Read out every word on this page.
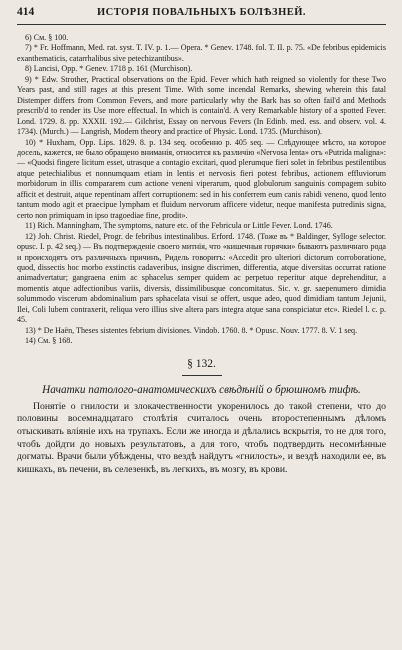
414	ИСТОРІЯ ПОВАЛЬНЫХЪ БОЛѢЗНЕЙ.

6) См. § 100.

7) * Fr. Hoffmann, Med. rat. syst. T. IV. p. 1.— Opera. * Genev. 1748. fol. T. II. p. 75. «De febribus epidemicis exanthematicis, catarrhalibus sive petechizantibus».

8) Lancisi, Opp. * Genev. 1718 p. 161 (Murchison).

9) * Edw. Strother, Practical observations on the Epid. Fever which hath reigned so violently for these Two Years past, and still rages at this present Time. With some incendal Remarks, shewing wherein this fatal Distemper differs from Common Fevers, and more particularly why the Bark has so often fail'd and Methods prescrib'd to render its Use more effectual. In which is contain'd. A very Remarkable history of a spotted Fever. Lond. 1729. 8. pp. XXXII. 192.— Gilchrist, Essay on nervous Fevers (In Edinb. med. ess. and observ. vol. 4. 1734). (Murch.) — Langrish, Modern theory and practice of Physic. Lond. 1735. (Murchison).

10) * Huxham, Opp. Lips. 1829. 8. p. 134 seq. особенно p. 405 seq. — Слѣдующее мѣсто, на которое досель, кажется, не было обращено вниманія, относится къ различію «Nervosa lenta» отъ «Putrida maligna»: — «Quodsi fingere licitum esset, utrasque a contagio excitari, quod plerumque fieri solet in febribus pestilentibus atque petechialibus et nonnumquam etiam in lentis et nervosis fieri potest febribus, actionem effluviorum morbidorum in illis compararem cum actione veneni viperarum, quod globulorum sanguinis compagem subito afficit et destruit, atque repentinam affert corruptionem: sed in his conferrem eum canis rabidi veneno, quod lento tantum modo agit et praecipue lympham et fluidum nervorum afficere videtur, neque manifesta putredinis signa, certo non primiquam in ipso tragoediae fine, prodit».

11) Rich. Manningham, The symptoms, nature etc. of the Febricula or Little Fever. Lond. 1746.

12) Joh. Christ. Riedel, Progr. de febribus intestinalibus. Erford. 1748. (Тоже въ * Baldinger, Sylloge selector. opusc. I. p. 42 seq.) — Въ подтвержденіе своего митнія, что «кишечныя горячки» бываютъ различнаго рода и происходятъ отъ различныхъ причинъ, Ридель говоритъ: «Accedit pro ulteriori dictorum corroboratione, quod, dissectis hoc morbo exstinctis cadaveribus, insigne discrimen, differentia, atque diversitas occurrat ratione animadvertatur; gangraena enim ac sphacelus semper quidem ac perpetuo reperitur atque deprehenditur, a momentis atque adfectionibus variis, diversis, dissimilibusque concomitatus. Sic. v. gr. saepenumero dimidia solummodo viscerum abdominalium pars sphacelata visui se offert, usque adeo, quod dimidiam tantum Jejunii, Ilei, Coli lubem contraxerit, reliqua vero illius sive alterа pars integra atque sana conspiciatur etc». Riedel l. c. p. 45.

13) * De Haën, Theses sistentes febrium divisiones. Vindob. 1760. 8. * Opusc. Nouv. 1777. 8. V. 1 seq.

14) См. § 168.

§ 132.

Начатки патолого-анатомическихъ свѣдѣній о брюшномъ тифѣ.

Понятіе о гнилости и злокачественности укоренилось до такой степени, что до половины восемнадцатаго столѣтія считалось очень второстепеннымъ дѣломъ отыскивать вліяніе ихъ на трупахъ. Если же иногда и дѣлались вскрытія, то не для того, чтобъ дойдти до новыхъ результатовъ, а для того, чтобъ подтвердить несомнѣнные догматы. Врачи были убѣждены, что вездѣ найдутъ «гнилость», и вездѣ находили ее, въ кишкахъ, въ печени, въ селезенкѣ, въ легкихъ, въ мозгу, въ крови.
